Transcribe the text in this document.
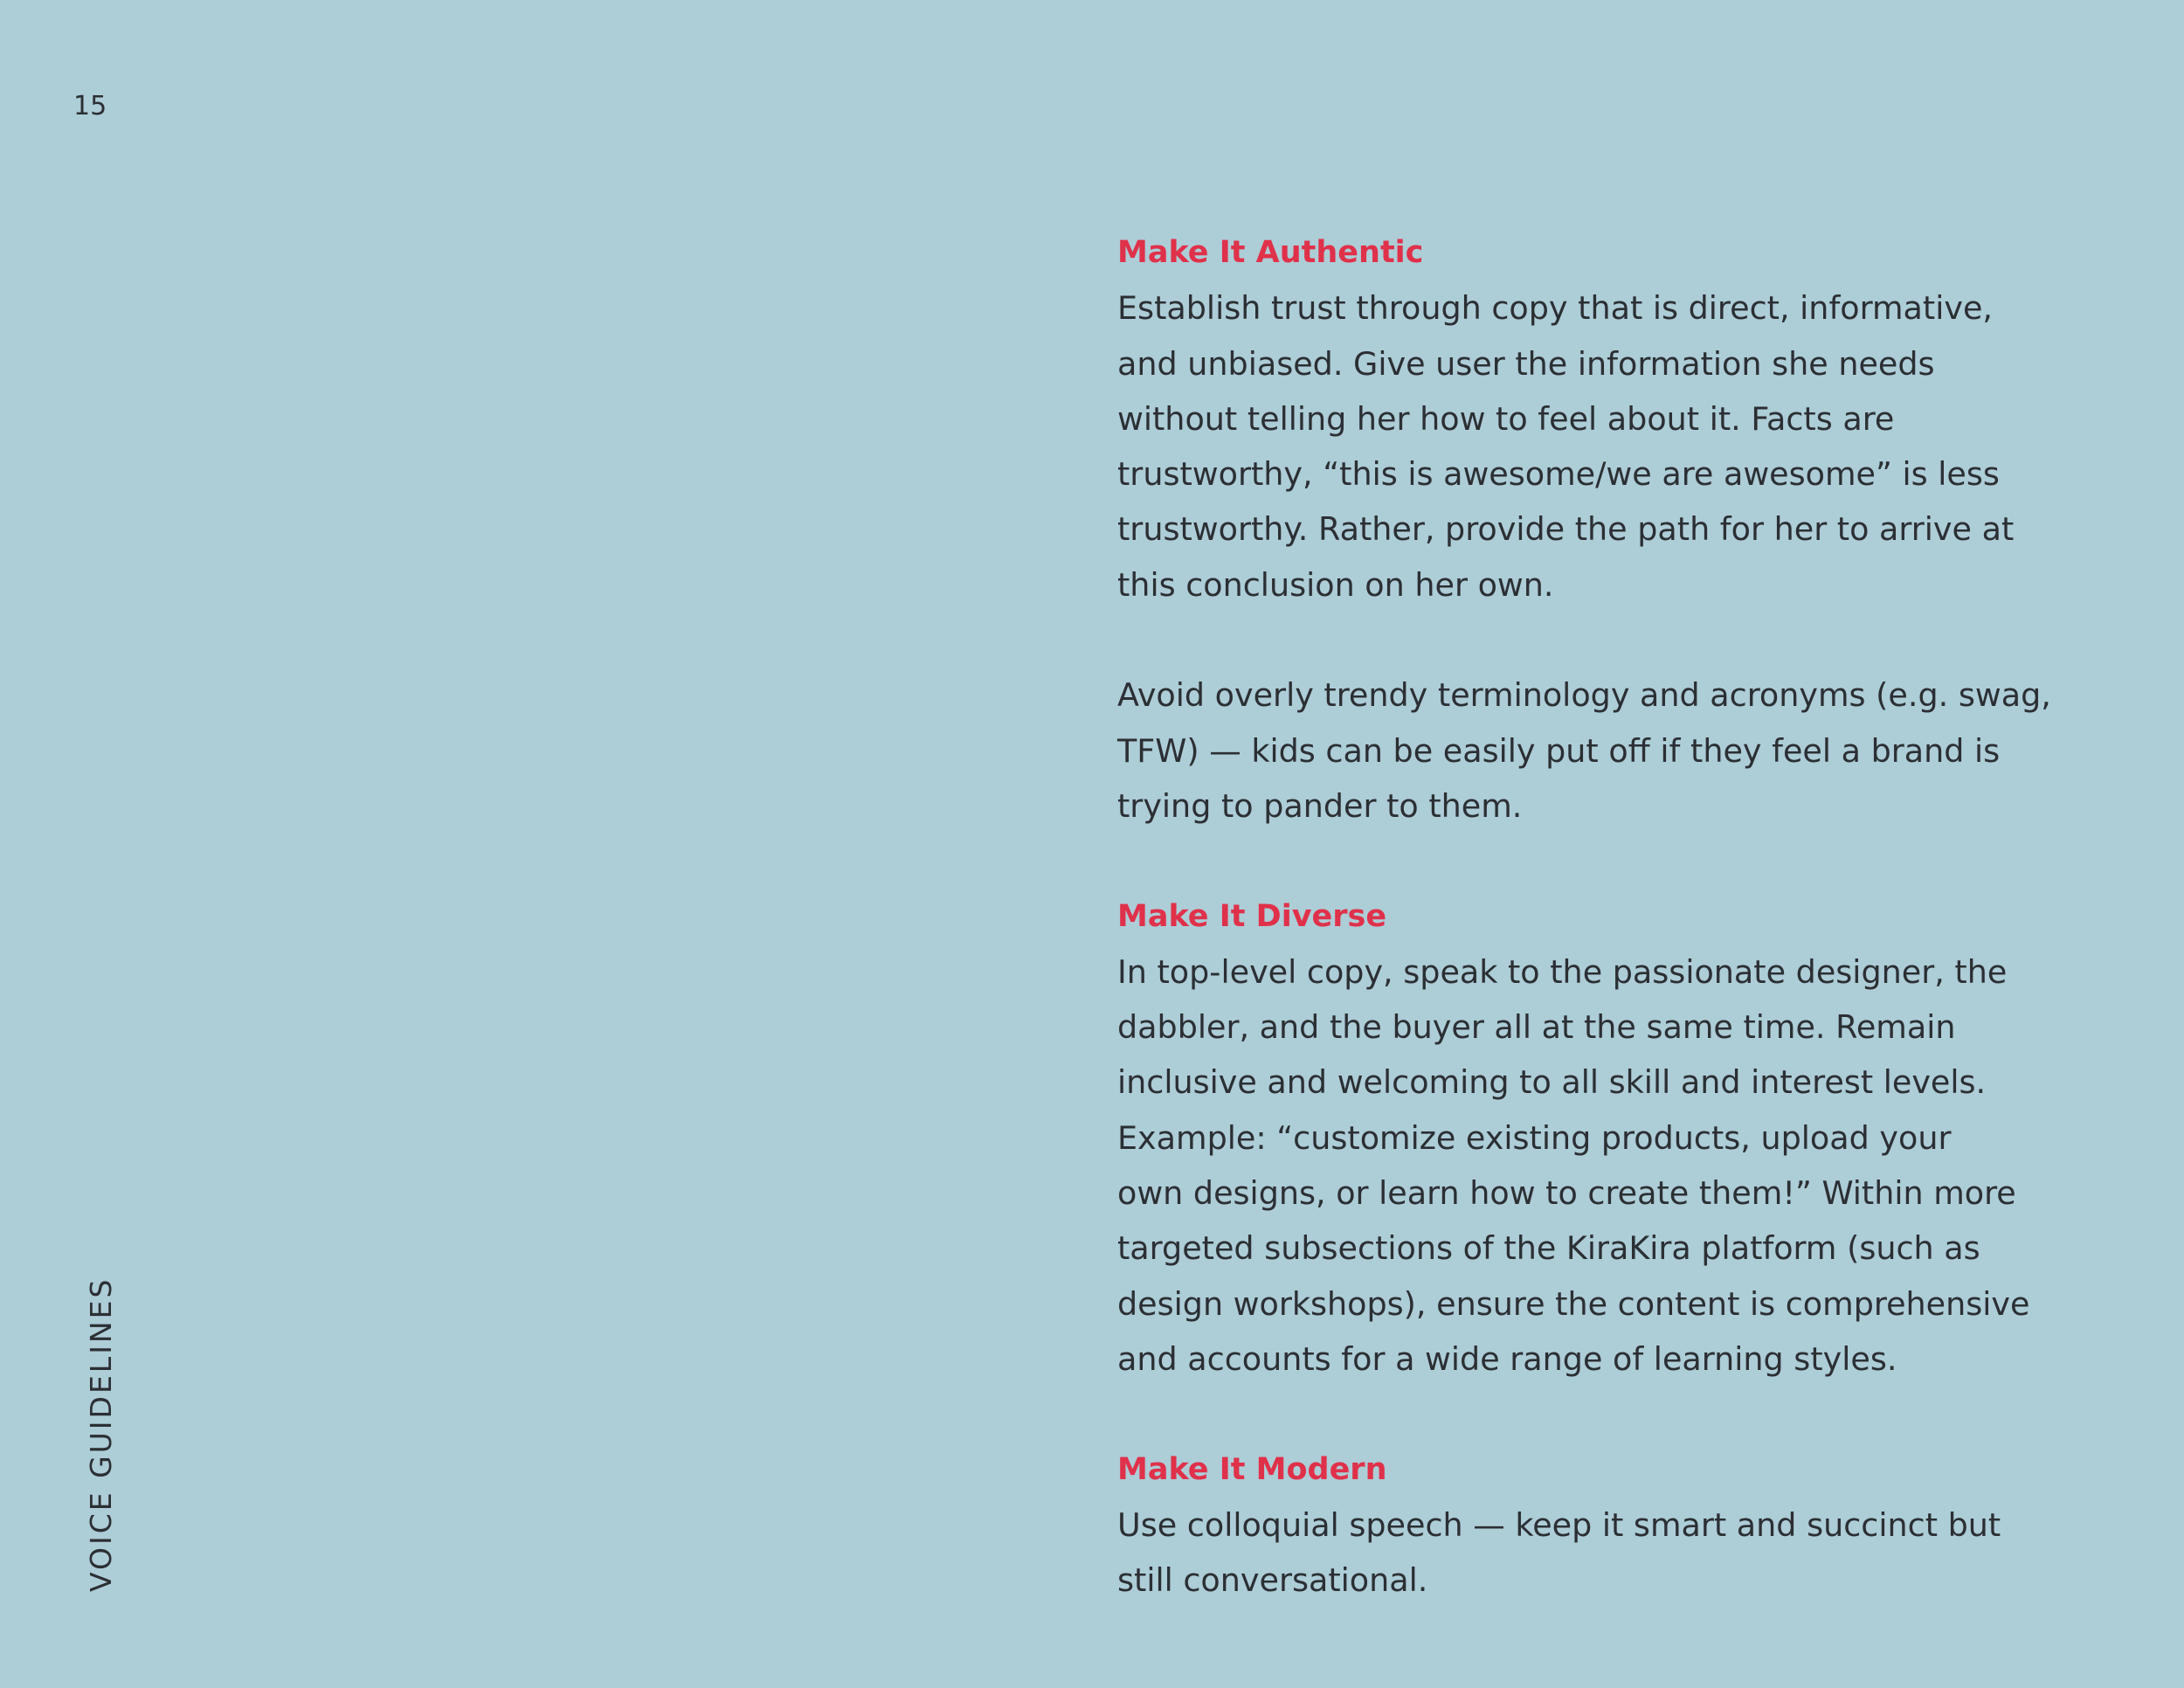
15
VOICE GUIDELINES
Make It Authentic
Establish trust through copy that is direct, informative,
and unbiased. Give user the information she needs
without telling her how to feel about it. Facts are
trustworthy, “this is awesome/we are awesome” is less
trustworthy. Rather, provide the path for her to arrive at
this conclusion on her own.
Avoid overly trendy terminology and acronyms (e.g. swag,
TFW) — kids can be easily put off if they feel a brand is
trying to pander to them.
Make It Diverse
In top-level copy, speak to the passionate designer, the
dabbler, and the buyer all at the same time. Remain
inclusive and welcoming to all skill and interest levels.
Example: “customize existing products, upload your
own designs, or learn how to create them!” Within more
targeted subsections of the KiraKira platform (such as
design workshops), ensure the content is comprehensive
and accounts for a wide range of learning styles.
Make It Modern
Use colloquial speech — keep it smart and succinct but
still conversational.
